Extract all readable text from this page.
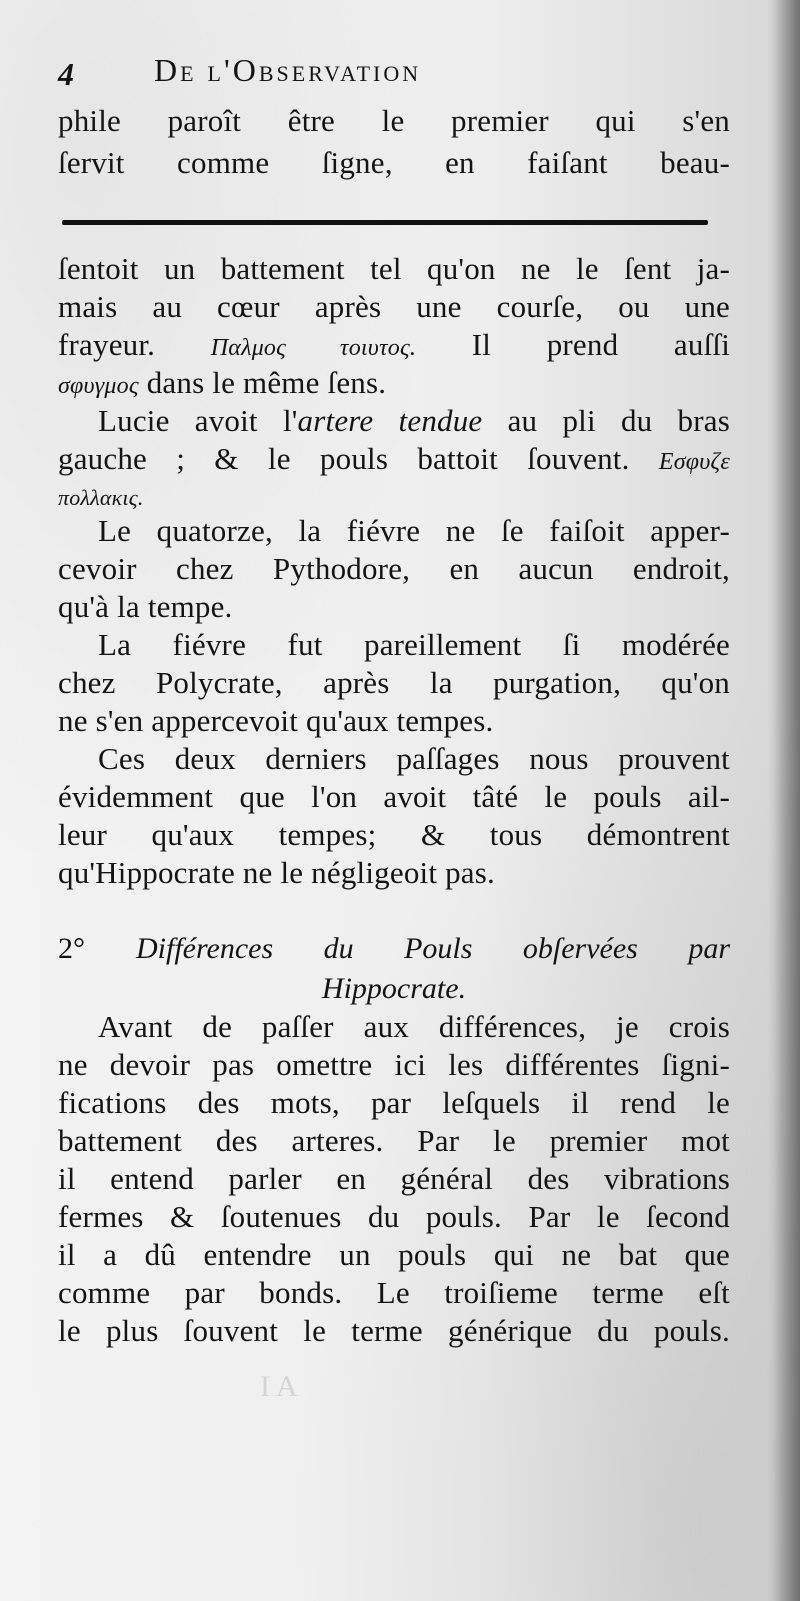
I A
4	De l'Observation
phile paroît être le premier qui s'en
ſervit comme ſigne, en faiſant beau-
ſentoit un battement tel qu'on ne le ſent ja-
mais au cœur après une courſe, ou une
frayeur. Παλμος τοιυτος. Il prend auſſi
σφυγμος dans le même ſens.
Lucie avoit l'artere tendue au pli du bras
gauche ; & le pouls battoit ſouvent. Εσφυζε
πολλακις.
Le quatorze, la fiévre ne ſe faiſoit apper-
cevoir chez Pythodore, en aucun endroit,
qu'à la tempe.
La fiévre fut pareillement ſi modérée
chez Polycrate, après la purgation, qu'on
ne s'en appercevoit qu'aux tempes.
Ces deux derniers paſſages nous prouvent
évidemment que l'on avoit tâté le pouls ail-
leur qu'aux tempes; & tous démontrent
qu'Hippocrate ne le négligeoit pas.
2° Différences du Pouls obſervées par
Hippocrate.
Avant de paſſer aux différences, je crois
ne devoir pas omettre ici les différentes ſigni-
fications des mots, par leſquels il rend le
battement des arteres. Par le premier mot
il entend parler en général des vibrations
fermes & ſoutenues du pouls. Par le ſecond
il a dû entendre un pouls qui ne bat que
comme par bonds. Le troiſieme terme eſt
le plus ſouvent le terme générique du pouls.
